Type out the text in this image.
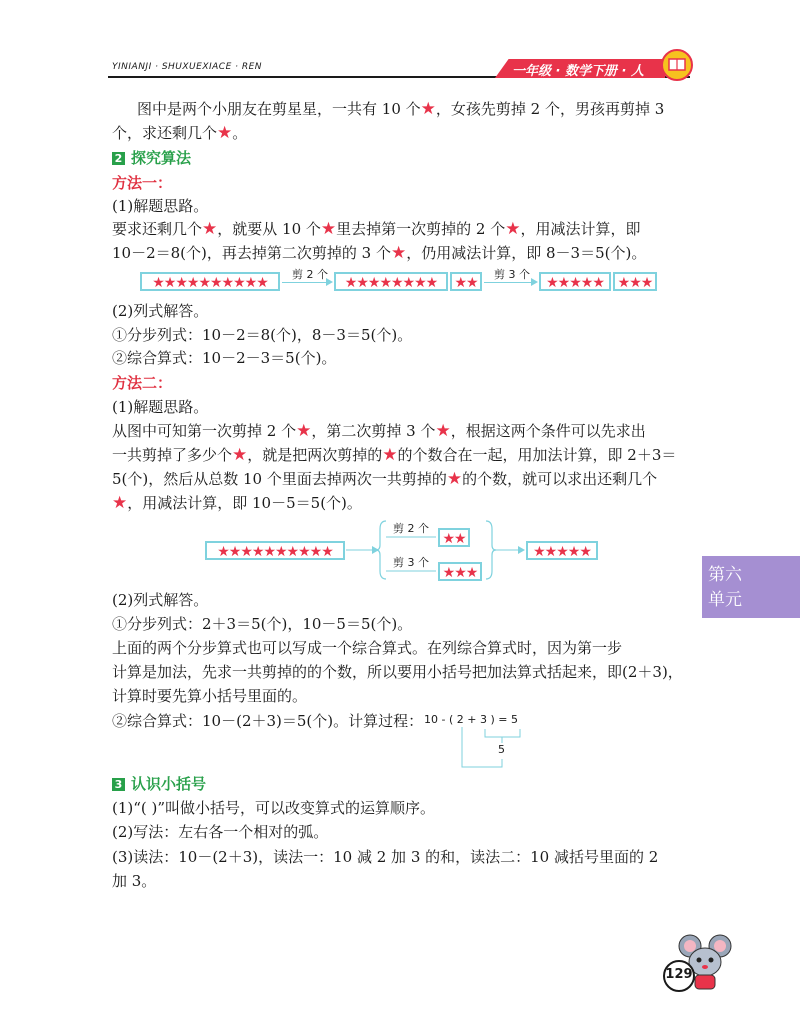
YINIANJI · SHUXUEXIACE · REN	一年级 · 数学下册 · 人
图中是两个小朋友在剪星星，一共有 10 个★，女孩先剪掉 2 个，男孩再剪掉 3
个，求还剩几个★。
2 探究算法
方法一：
(1)解题思路。
要求还剩几个★，就要从 10 个★里去掉第一次剪掉的 2 个★，用减法计算，即
10－2＝8(个)，再去掉第二次剪掉的 3 个★，仍用减法计算，即 8－3＝5(个)。
★★★★★★★★★★
剪 2 个
★★★★★★★★	★★
剪 3 个
★★★★★ ★★★
(2)列式解答。
①分步列式：10－2＝8(个)，8－3＝5(个)。
②综合算式：10－2－3＝5(个)。
方法二：
(1)解题思路。
从图中可知第一次剪掉 2 个★，第二次剪掉 3 个★，根据这两个条件可以先求出
一共剪掉了多少个★，就是把两次剪掉的★的个数合在一起，用加法计算，即 2＋3＝
5(个)，然后从总数 10 个里面去掉两次一共剪掉的★的个数，就可以求出还剩几个
★，用减法计算，即 10－5＝5(个)。
★★★★★★★★★★
剪 2 个
★★
剪 3 个
★★★
★★★★★
(2)列式解答。
①分步列式：2＋3＝5(个)，10－5＝5(个)。
上面的两个分步算式也可以写成一个综合算式。在列综合算式时，因为第一步
计算是加法，先求一共剪掉的的个数，所以要用小括号把加法算式括起来，即(2＋3)，
计算时要先算小括号里面的。
②综合算式：10－(2＋3)＝5(个)。计算过程： 10 - ( 2 + 3 ) = 5
5
3 认识小括号
(1)“( )”叫做小括号，可以改变算式的运算顺序。
(2)写法：左右各一个相对的弧。
(3)读法：10－(2＋3)，读法一：10 减 2 加 3 的和，读法二：10 减括号里面的 2
加 3。
第六
单元
129
